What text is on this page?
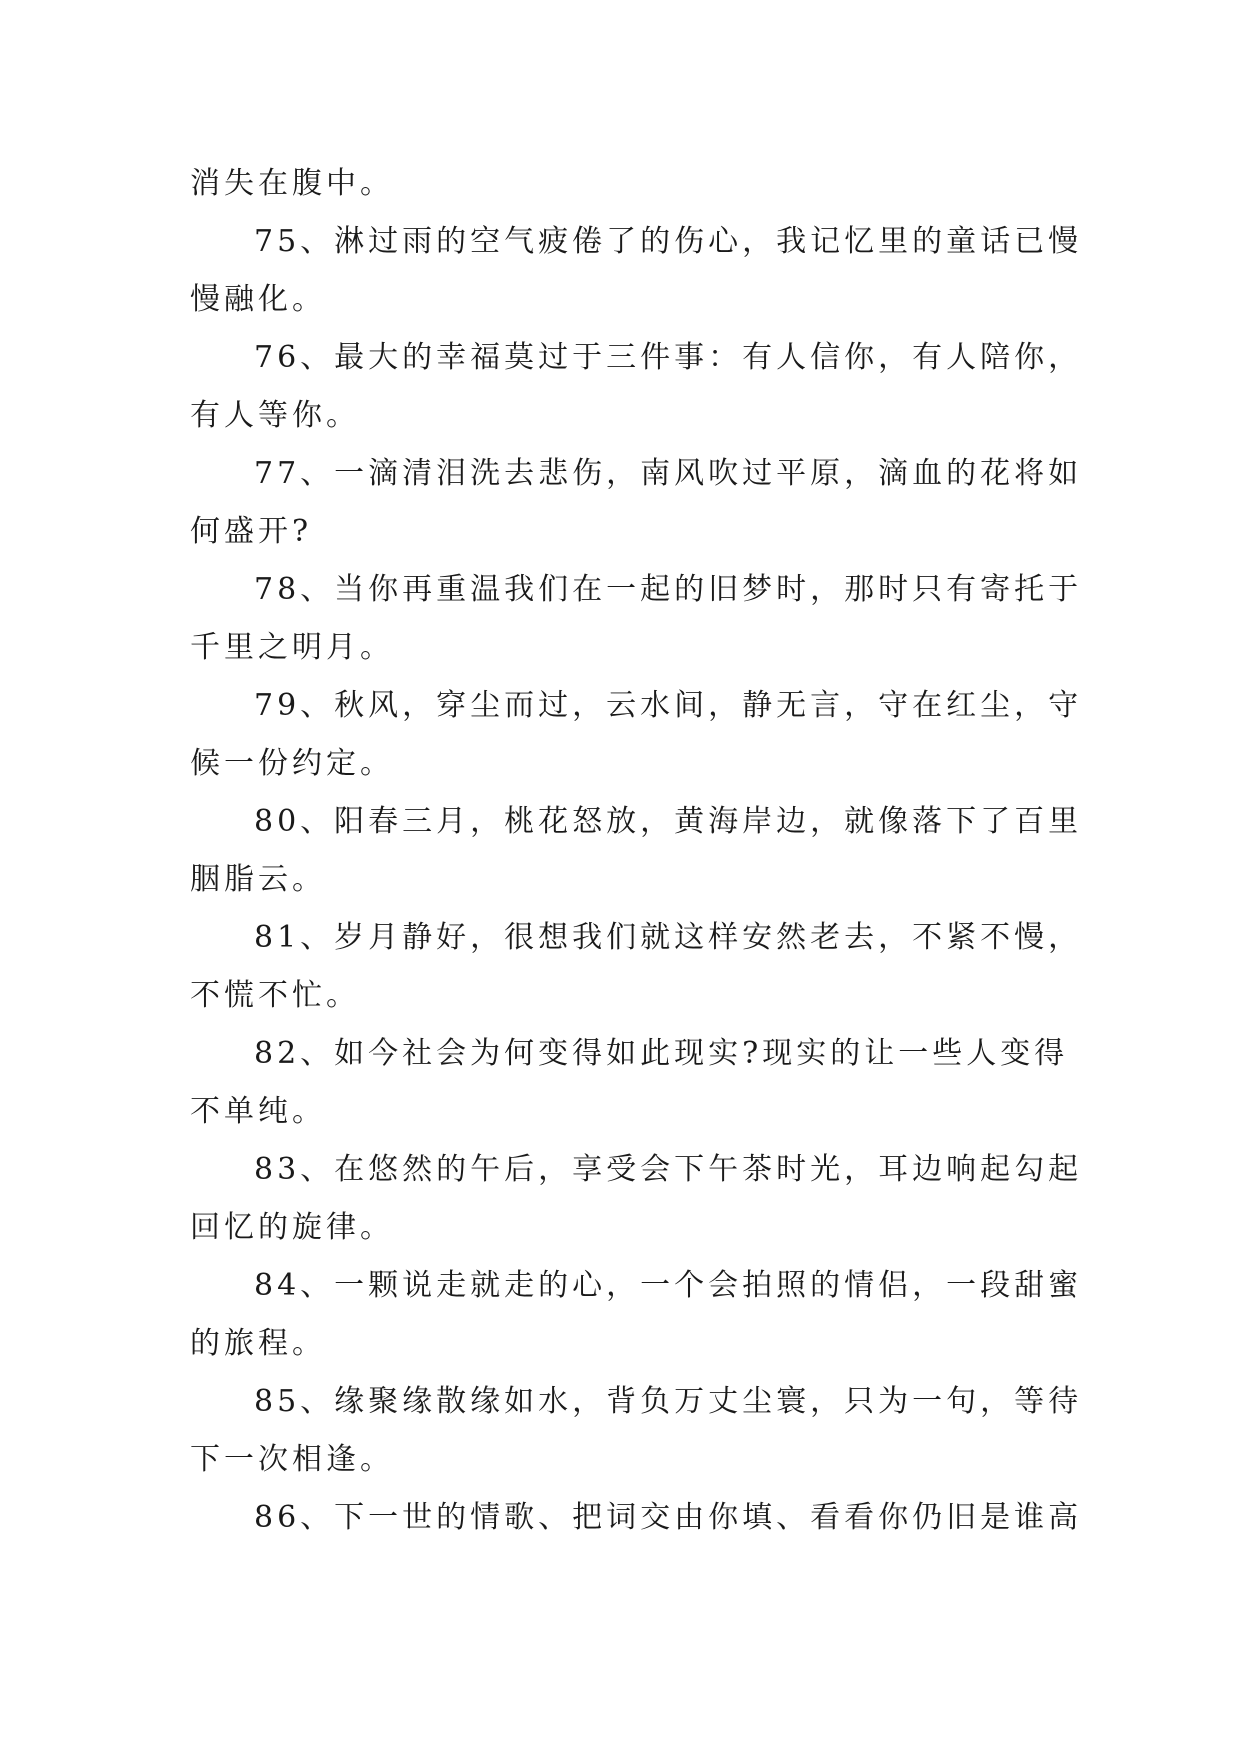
消失在腹中。
75、淋过雨的空气疲倦了的伤心，我记忆里的童话已慢
慢融化。
76、最大的幸福莫过于三件事：有人信你，有人陪你，
有人等你。
77、一滴清泪洗去悲伤，南风吹过平原，滴血的花将如
何盛开?
78、当你再重温我们在一起的旧梦时，那时只有寄托于
千里之明月。
79、秋风，穿尘而过，云水间，静无言，守在红尘，守
候一份约定。
80、阳春三月，桃花怒放，黄海岸边，就像落下了百里
胭脂云。
81、岁月静好，很想我们就这样安然老去，不紧不慢，
不慌不忙。
82、如今社会为何变得如此现实?现实的让一些人变得
不单纯。
83、在悠然的午后，享受会下午茶时光，耳边响起勾起
回忆的旋律。
84、一颗说走就走的心，一个会拍照的情侣，一段甜蜜
的旅程。
85、缘聚缘散缘如水，背负万丈尘寰，只为一句，等待
下一次相逢。
86、下一世的情歌、把词交由你填、看看你仍旧是谁高
